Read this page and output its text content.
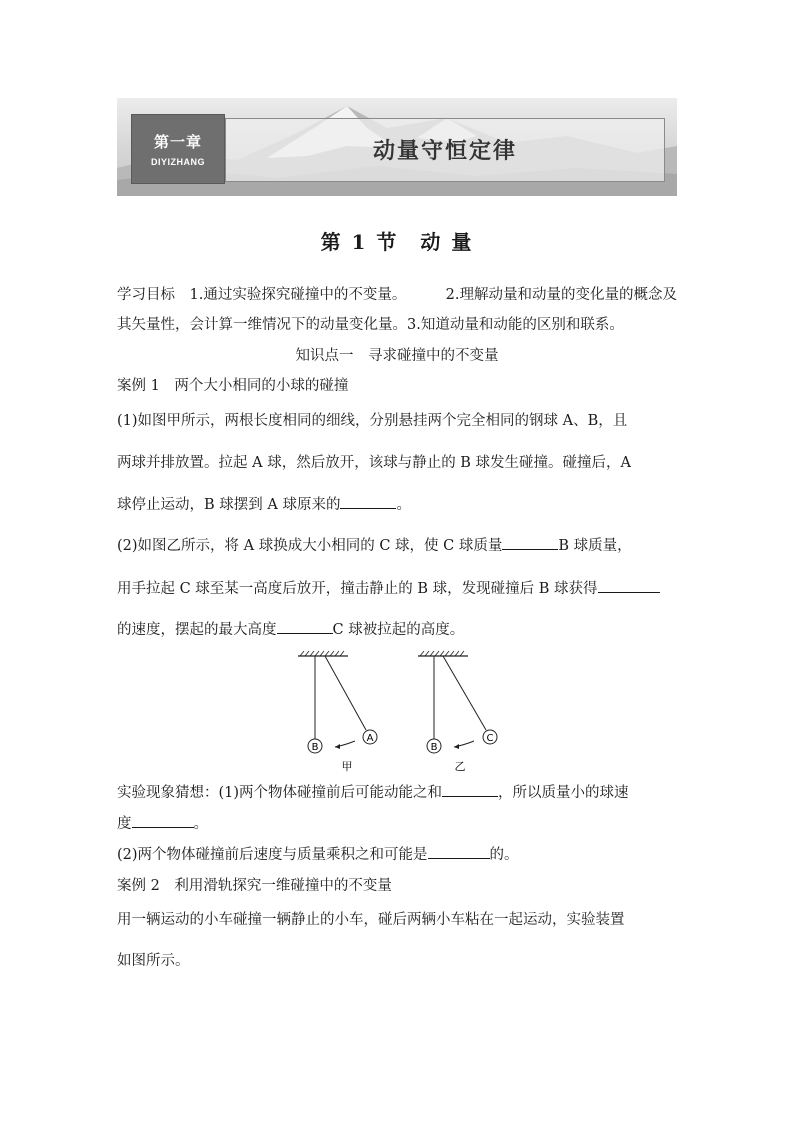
第一章
DIYIZHANG	动量守恒定律
第 1 节　动 量
学习目标　1.通过实验探究碰撞中的不变量。	2.理解动量和动量的变化量的概念及
其矢量性，会计算一维情况下的动量变化量。3.知道动量和动能的区别和联系。
知识点一　寻求碰撞中的不变量
案例 1　两个大小相同的小球的碰撞
(1)如图甲所示，两根长度相同的细线，分别悬挂两个完全相同的钢球 A、B，且
两球并排放置。拉起 A 球，然后放开，该球与静止的 B 球发生碰撞。碰撞后，A
球停止运动，B 球摆到 A 球原来的	。
(2)如图乙所示，将 A 球换成大小相同的 C 球，使 C 球质量	B 球质量，
用手拉起 C 球至某一高度后放开，撞击静止的 B 球，发现碰撞后 B 球获得
的速度，摆起的最大高度	C 球被拉起的高度。
B
A
甲
B
C
乙
实验现象猜想：(1)两个物体碰撞前后可能动能之和	，所以质量小的球速
度	。
(2)两个物体碰撞前后速度与质量乘积之和可能是	的。
案例 2　利用滑轨探究一维碰撞中的不变量
用一辆运动的小车碰撞一辆静止的小车，碰后两辆小车粘在一起运动，实验装置
如图所示。
